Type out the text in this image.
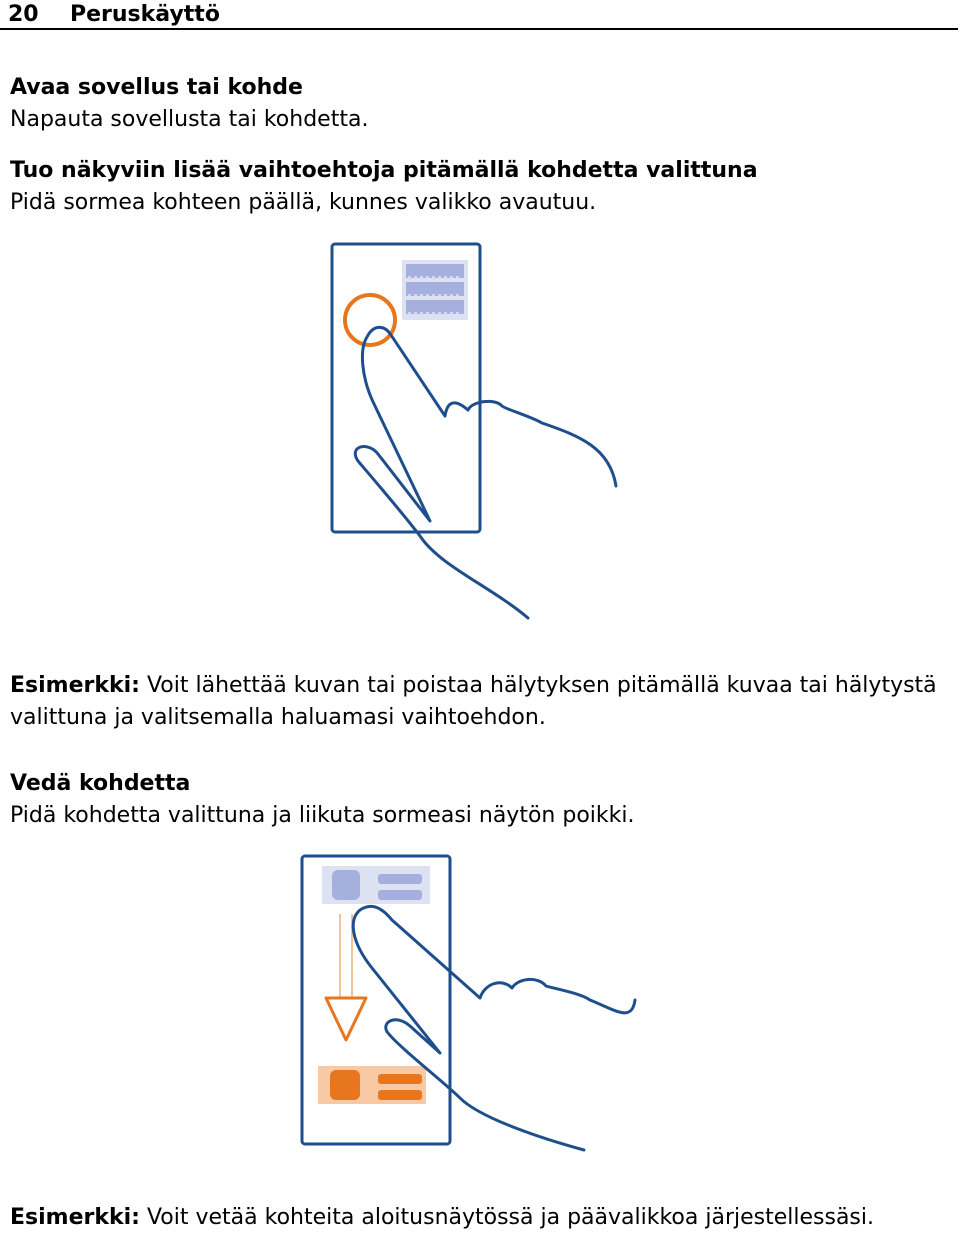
20 Peruskäyttö
Avaa sovellus tai kohde
Napauta sovellusta tai kohdetta.
Tuo näkyviin lisää vaihtoehtoja pitämällä kohdetta valittuna
Pidä sormea kohteen päällä, kunnes valikko avautuu.
Esimerkki: Voit lähettää kuvan tai poistaa hälytyksen pitämällä kuvaa tai hälytystä valittuna ja valitsemalla haluamasi vaihtoehdon.
Vedä kohdetta
Pidä kohdetta valittuna ja liikuta sormeasi näytön poikki.
Esimerkki: Voit vetää kohteita aloitusnäytössä ja päävalikkoa järjestellessäsi.
